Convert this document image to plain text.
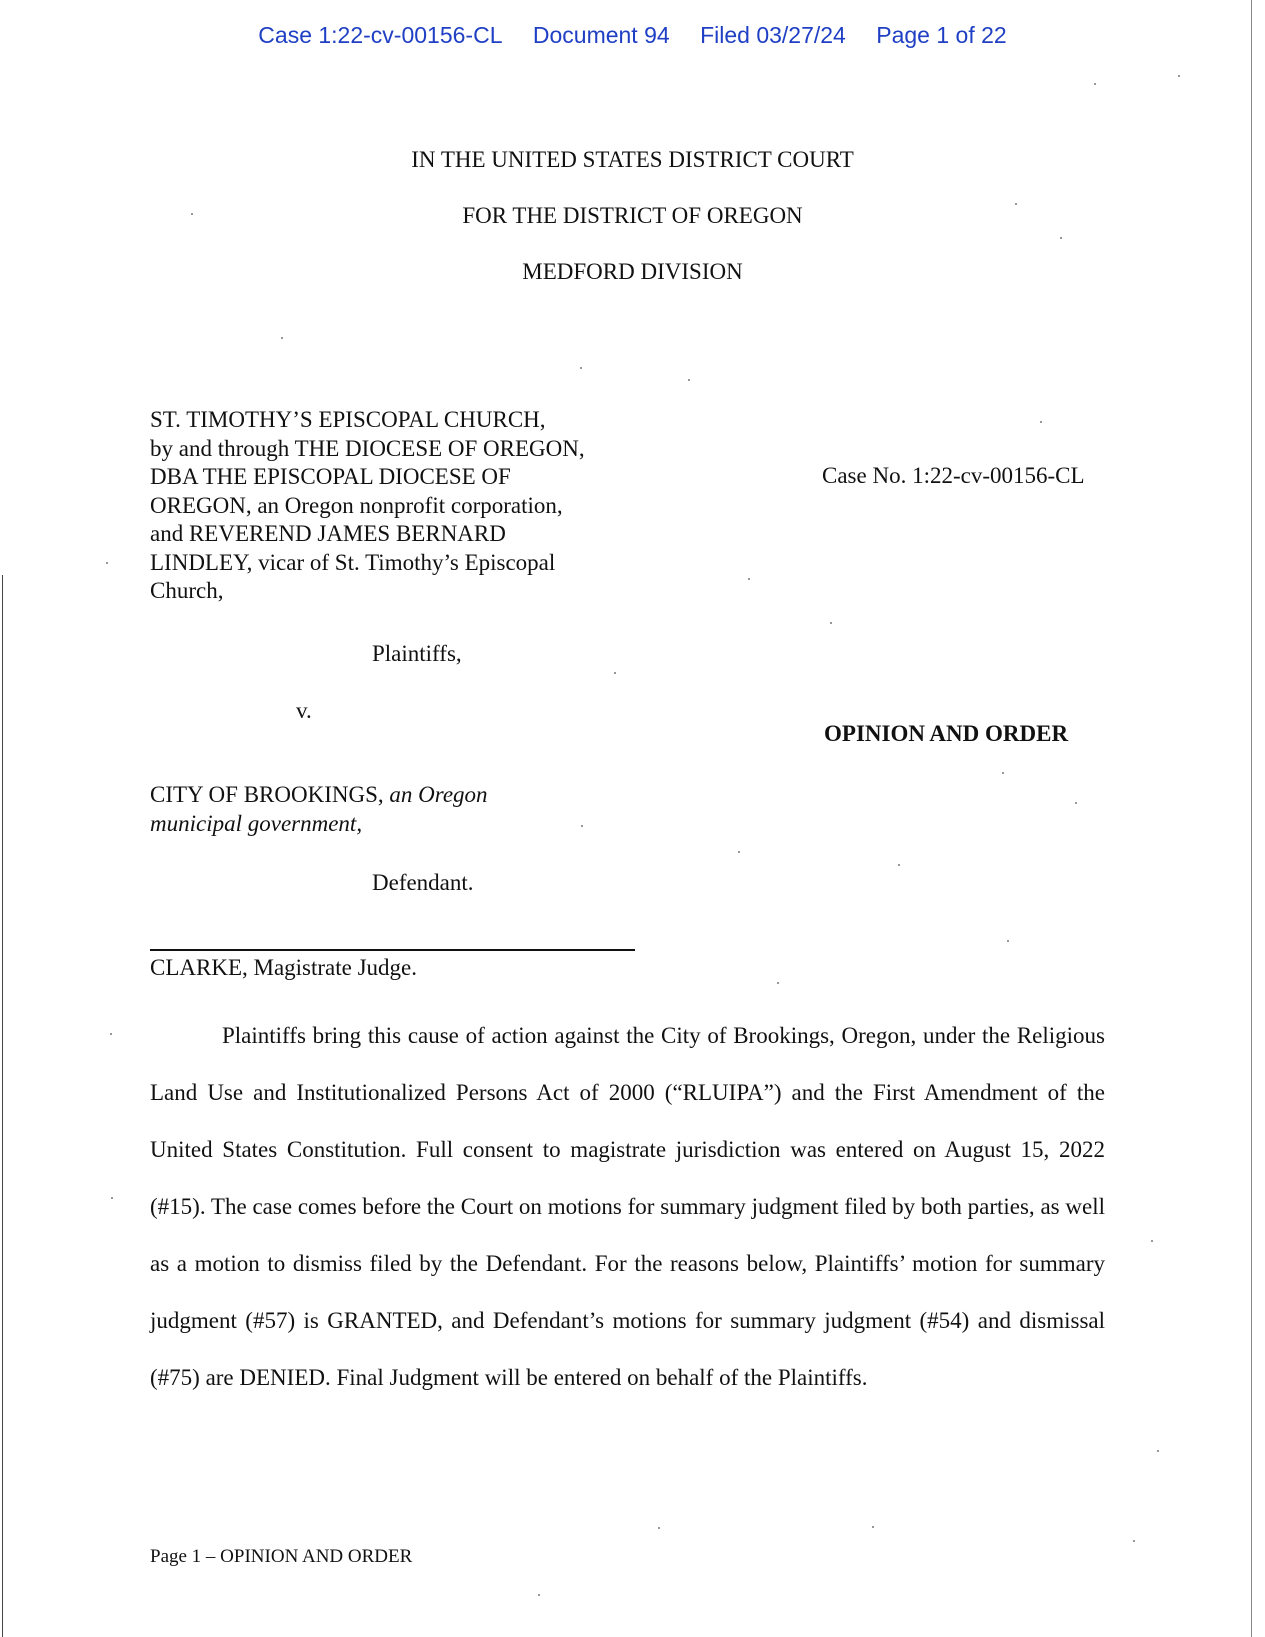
Case 1:22-cv-00156-CL Document 94 Filed 03/27/24 Page 1 of 22
IN THE UNITED STATES DISTRICT COURT
FOR THE DISTRICT OF OREGON
MEDFORD DIVISION
ST. TIMOTHY’S EPISCOPAL CHURCH,
by and through THE DIOCESE OF OREGON,
DBA THE EPISCOPAL DIOCESE OF
OREGON, an Oregon nonprofit corporation,
and REVEREND JAMES BERNARD
LINDLEY, vicar of St. Timothy’s Episcopal
Church,
Case No. 1:22-cv-00156-CL
Plaintiffs,
v.
OPINION AND ORDER
CITY OF BROOKINGS, an Oregon
municipal government,
Defendant.
CLARKE, Magistrate Judge.

Plaintiffs bring this cause of action against the City of Brookings, Oregon, under the Religious Land Use and Institutionalized Persons Act of 2000 (“RLUIPA”) and the First Amendment of the United States Constitution. Full consent to magistrate jurisdiction was entered on August 15, 2022 (#15). The case comes before the Court on motions for summary judgment filed by both parties, as well as a motion to dismiss filed by the Defendant. For the reasons below, Plaintiffs’ motion for summary judgment (#57) is GRANTED, and Defendant’s motions for summary judgment (#54) and dismissal (#75) are DENIED. Final Judgment will be entered on behalf of the Plaintiffs.

Page 1 – OPINION AND ORDER
